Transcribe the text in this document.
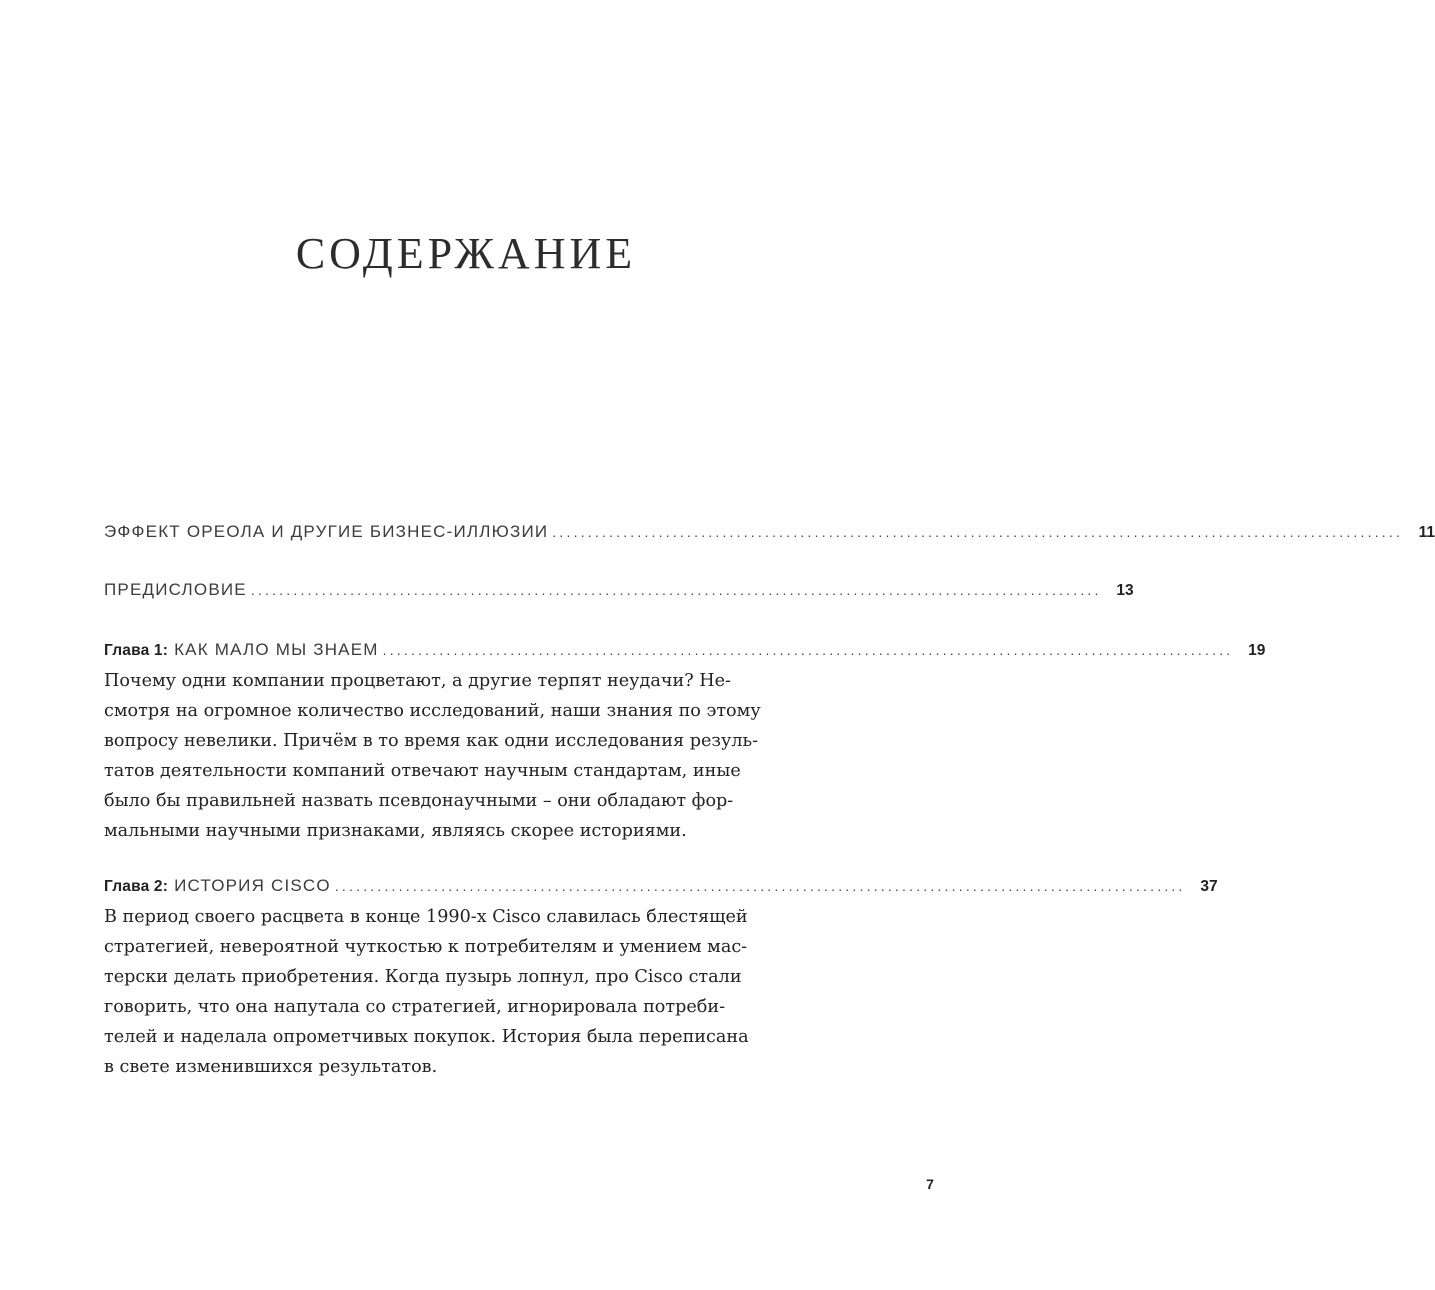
СОДЕРЖАНИЕ
ЭФФЕКТ ОРЕОЛА И ДРУГИЕ БИЗНЕС-ИЛЛЮЗИИ ........................................................................................................................	11
ПРЕДИСЛОВИЕ ........................................................................................................................ 13
Глава 1: КАК МАЛО МЫ ЗНАЕМ ........................................................................................................................ 19
Почему одни компании процветают, а другие терпят неудачи? Не-
смотря на огромное количество исследований, наши знания по этому
вопросу невелики. Причём в то время как одни исследования резуль-
татов деятельности компаний отвечают научным стандартам, иные
было бы правильней назвать псевдонаучными – они обладают фор-
мальными научными признаками, являясь скорее историями.
Глава 2: ИСТОРИЯ CISCO ........................................................................................................................ 37
В период своего расцвета в конце 1990-х Cisco славилась блестящей
стратегией, невероятной чуткостью к потребителям и умением мас-
терски делать приобретения. Когда пузырь лопнул, про Cisco стали
говорить, что она напутала со стратегией, игнорировала потреби-
телей и наделала опрометчивых покупок. История была переписана
в свете изменившихся результатов.
7
